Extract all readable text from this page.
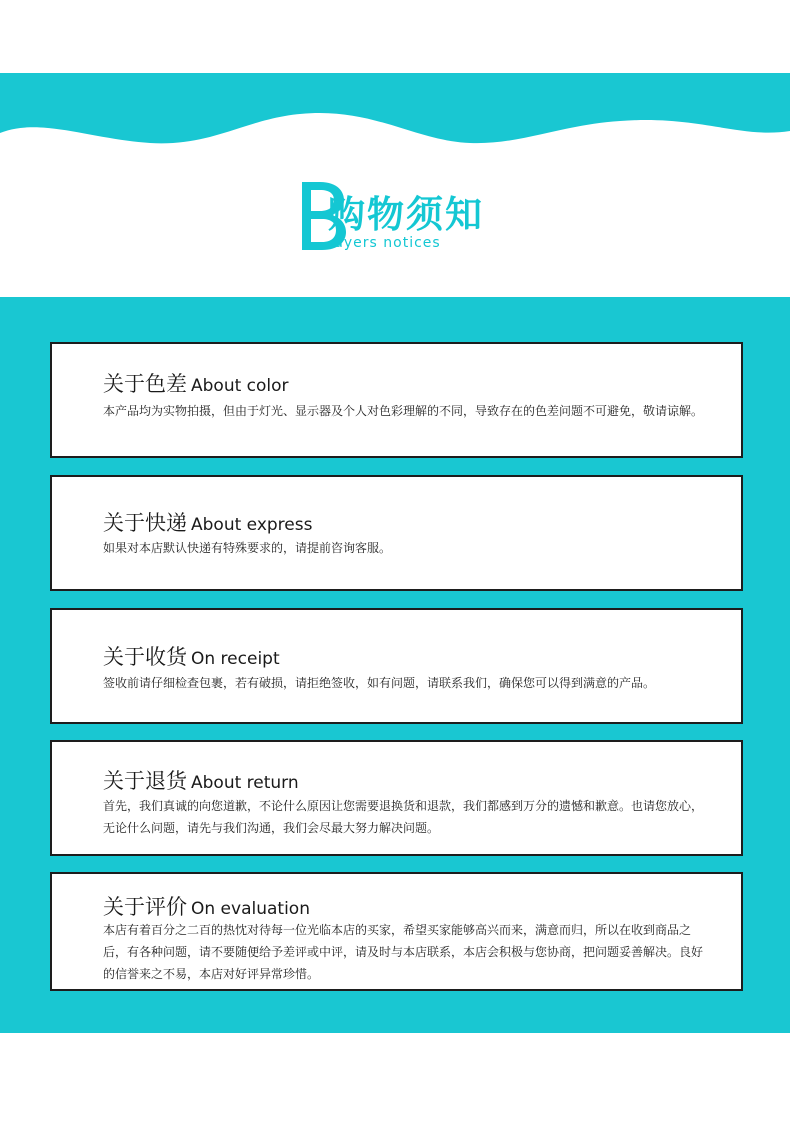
购物须知
uyers notices
关于色差 About color
本产品均为实物拍摄，但由于灯光、显示器及个人对色彩理解的不同，导致存在的色差问题不可避免，敬请谅解。
关于快递 About express
如果对本店默认快递有特殊要求的，请提前咨询客服。
关于收货 On receipt
签收前请仔细检查包裹，若有破损，请拒绝签收，如有问题，请联系我们，确保您可以得到满意的产品。
关于退货 About return
首先，我们真诚的向您道歉，不论什么原因让您需要退换货和退款，我们都感到万分的遗憾和歉意。也请您放心，无论什么问题，请先与我们沟通，我们会尽最大努力解决问题。
关于评价 On evaluation
本店有着百分之二百的热忱对待每一位光临本店的买家，希望买家能够高兴而来，满意而归，所以在收到商品之后，有各种问题，请不要随便给予差评或中评，请及时与本店联系，本店会积极与您协商，把问题妥善解决。良好的信誉来之不易，本店对好评异常珍惜。
